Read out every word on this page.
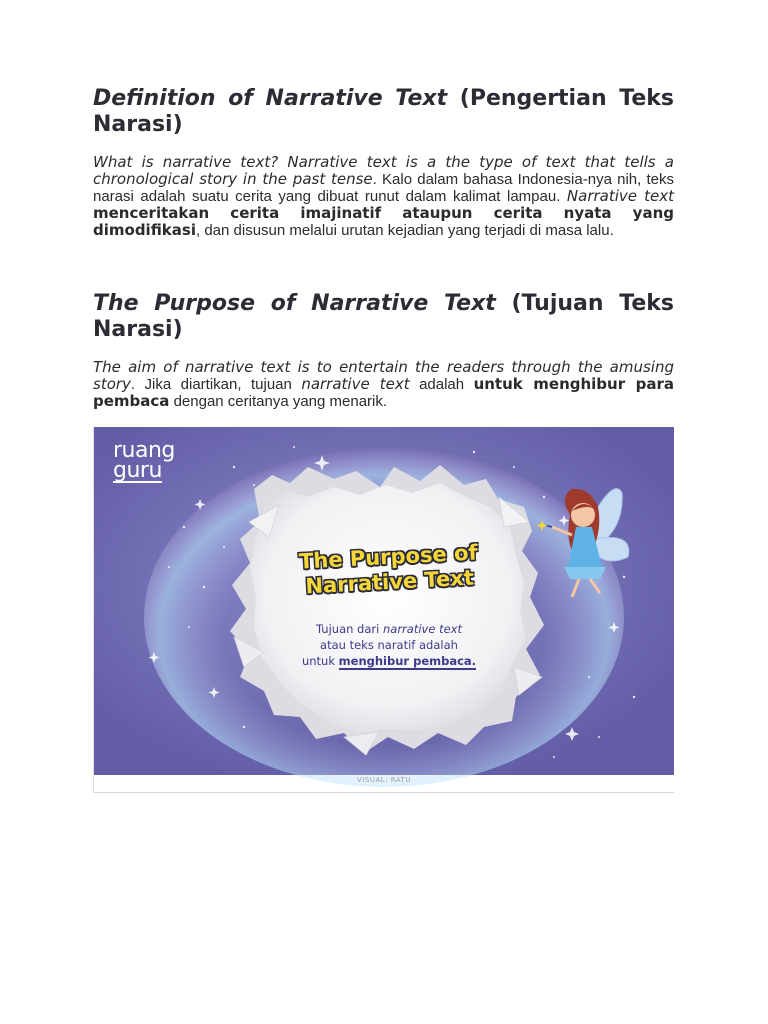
Definition of Narrative Text (Pengertian Teks Narasi)

What is narrative text? Narrative text is a the type of text that tells a chronological story in the past tense. Kalo dalam bahasa Indonesia-nya nih, teks narasi adalah suatu cerita yang dibuat runut dalam kalimat lampau. Narrative text menceritakan cerita imajinatif ataupun cerita nyata yang dimodifikasi, dan disusun melalui urutan kejadian yang terjadi di masa lalu.

The Purpose of Narrative Text (Tujuan Teks Narasi)

The aim of narrative text is to entertain the readers through the amusing story. Jika diartikan, tujuan narrative text adalah untuk menghibur para pembaca dengan ceritanya yang menarik.

ruang
guru
The Purpose of
Narrative Text
Tujuan dari narrative text
atau teks naratif adalah
untuk menghibur pembaca.
VISUAL: RATU
